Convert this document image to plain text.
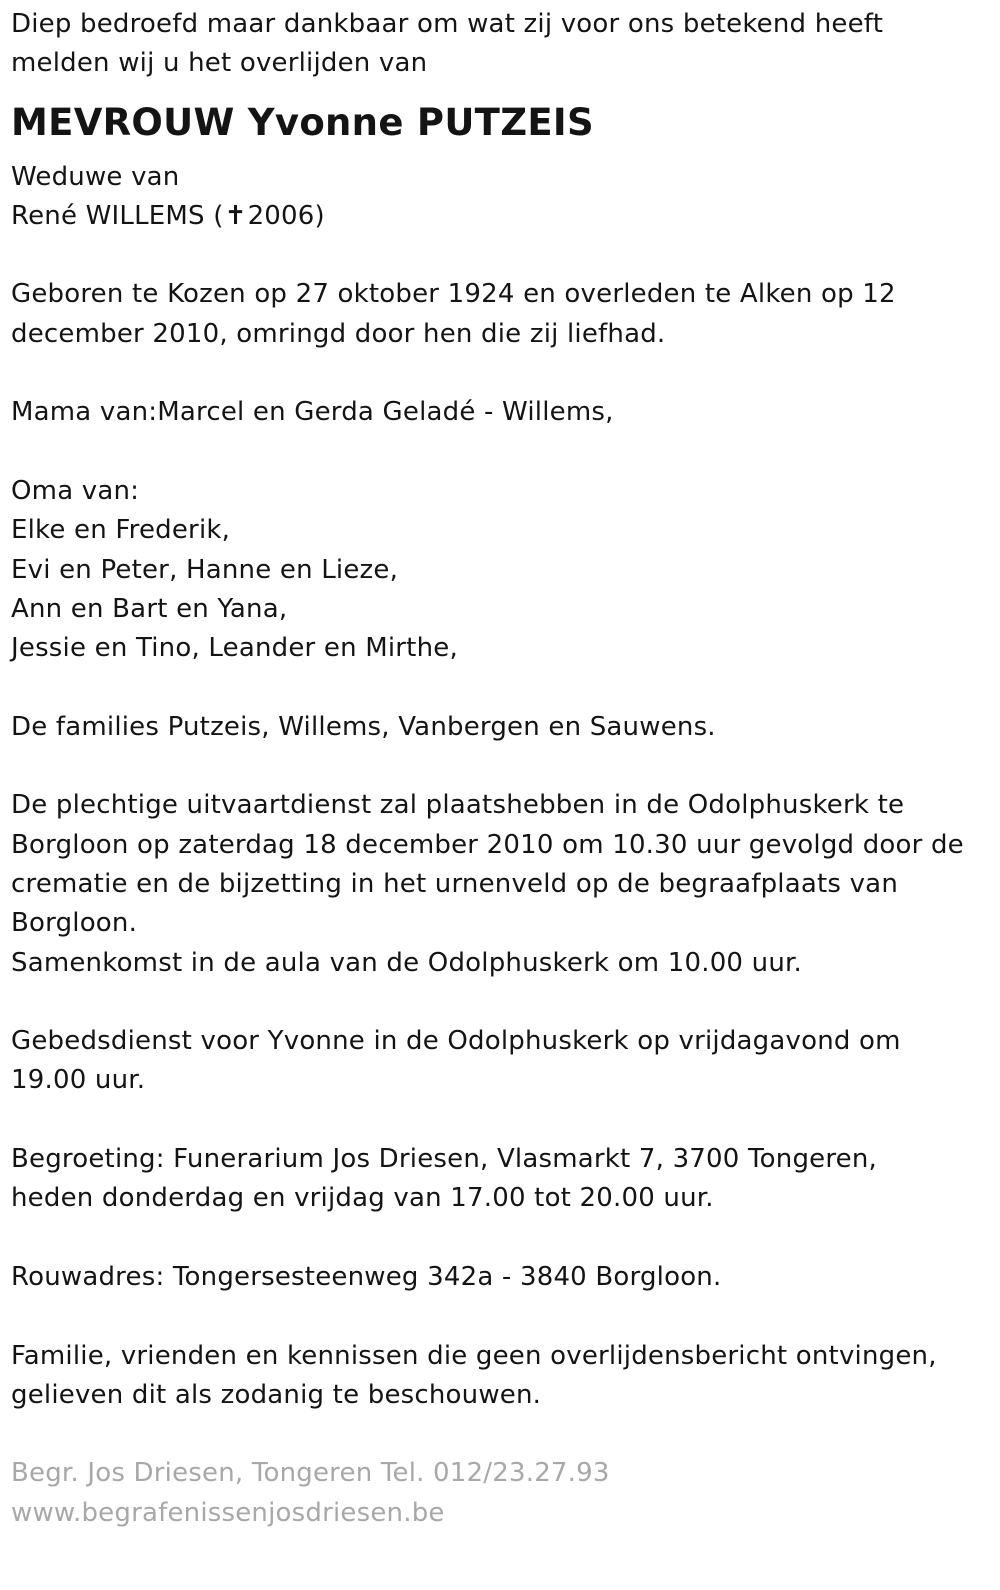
Diep bedroefd maar dankbaar om wat zij voor ons betekend heeft
melden wij u het overlijden van
MEVROUW Yvonne PUTZEIS
Weduwe van
René WILLEMS (✝2006)
Geboren te Kozen op 27 oktober 1924 en overleden te Alken op 12
december 2010, omringd door hen die zij liefhad.
Mama van:Marcel en Gerda Geladé - Willems,
Oma van:
Elke en Frederik,
Evi en Peter, Hanne en Lieze,
Ann en Bart en Yana,
Jessie en Tino, Leander en Mirthe,
De families Putzeis, Willems, Vanbergen en Sauwens.
De plechtige uitvaartdienst zal plaatshebben in de Odolphuskerk te
Borgloon op zaterdag 18 december 2010 om 10.30 uur gevolgd door de
crematie en de bijzetting in het urnenveld op de begraafplaats van
Borgloon.
Samenkomst in de aula van de Odolphuskerk om 10.00 uur.
Gebedsdienst voor Yvonne in de Odolphuskerk op vrijdagavond om
19.00 uur.
Begroeting: Funerarium Jos Driesen, Vlasmarkt 7, 3700 Tongeren,
heden donderdag en vrijdag van 17.00 tot 20.00 uur.
Rouwadres: Tongersesteenweg 342a - 3840 Borgloon.
Familie, vrienden en kennissen die geen overlijdensbericht ontvingen,
gelieven dit als zodanig te beschouwen.
Begr. Jos Driesen, Tongeren Tel. 012/23.27.93
www.begrafenissenjosdriesen.be
